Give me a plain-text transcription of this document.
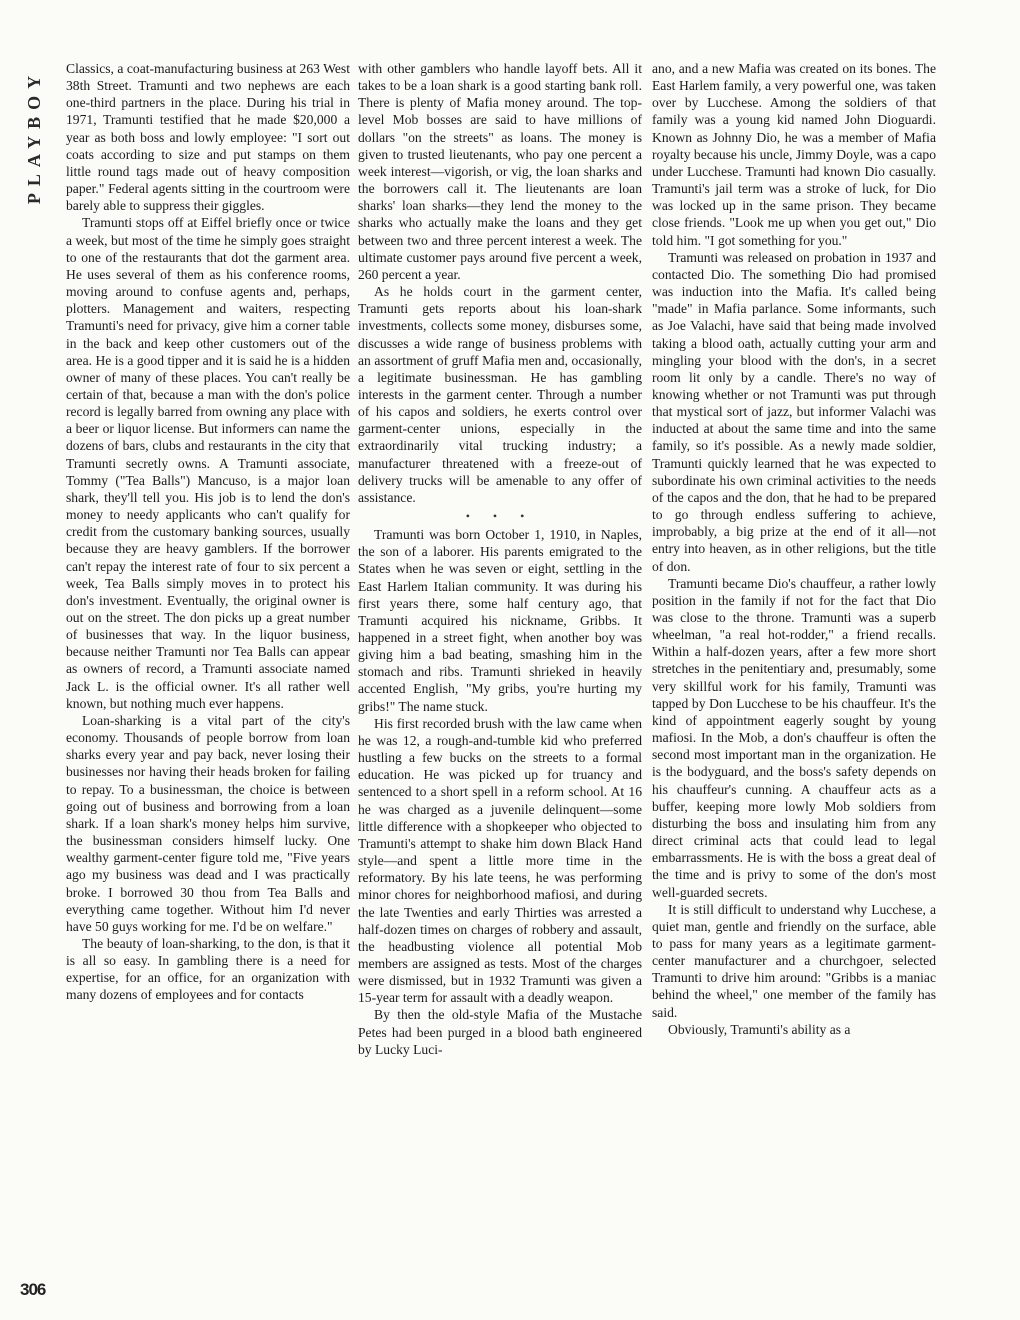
PLAYBOY Classics, a coat-manufacturing business at 263 West 38th Street. Tramunti and two nephews are each one-third partners in the place. During his trial in 1971, Tramunti testified that he made $20,000 a year as both boss and lowly employee: "I sort out coats according to size and put stamps on them little round tags made out of heavy composition paper." Federal agents sitting in the courtroom were barely able to suppress their giggles.

Tramunti stops off at Eiffel briefly once or twice a week, but most of the time he simply goes straight to one of the restaurants that dot the garment area. He uses several of them as his conference rooms, moving around to confuse agents and, perhaps, plotters. Management and waiters, respecting Tramunti's need for privacy, give him a corner table in the back and keep other customers out of the area. He is a good tipper and it is said he is a hidden owner of many of these places. You can't really be certain of that, because a man with the don's police record is legally barred from owning any place with a beer or liquor license. But informers can name the dozens of bars, clubs and restaurants in the city that Tramunti secretly owns. A Tramunti associate, Tommy ("Tea Balls") Mancuso, is a major loan shark, they'll tell you. His job is to lend the don's money to needy applicants who can't qualify for credit from the customary banking sources, usually because they are heavy gamblers. If the borrower can't repay the interest rate of four to six percent a week, Tea Balls simply moves in to protect his don's investment. Eventually, the original owner is out on the street. The don picks up a great number of businesses that way. In the liquor business, because neither Tramunti nor Tea Balls can appear as owners of record, a Tramunti associate named Jack L. is the official owner. It's all rather well known, but nothing much ever happens.

Loan-sharking is a vital part of the city's economy. Thousands of people borrow from loan sharks every year and pay back, never losing their businesses nor having their heads broken for failing to repay. To a businessman, the choice is between going out of business and borrowing from a loan shark. If a loan shark's money helps him survive, the businessman considers himself lucky. One wealthy garment-center figure told me, "Five years ago my business was dead and I was practically broke. I borrowed 30 thou from Tea Balls and everything came together. Without him I'd never have 50 guys working for me. I'd be on welfare."

The beauty of loan-sharking, to the don, is that it is all so easy. In gambling there is a need for expertise, for an office, for an organization with many dozens of employees and for contacts

with other gamblers who handle layoff bets. All it takes to be a loan shark is a good starting bank roll. There is plenty of Mafia money around. The top-level Mob bosses are said to have millions of dollars "on the streets" as loans. The money is given to trusted lieutenants, who pay one percent a week interest—vigorish, or vig, the loan sharks and the borrowers call it. The lieutenants are loan sharks' loan sharks—they lend the money to the sharks who actually make the loans and they get between two and three percent interest a week. The ultimate customer pays around five percent a week, 260 percent a year.

As he holds court in the garment center, Tramunti gets reports about his loan-shark investments, collects some money, disburses some, discusses a wide range of business problems with an assortment of gruff Mafia men and, occasionally, a legitimate businessman. He has gambling interests in the garment center. Through a number of his capos and soldiers, he exerts control over garment-center unions, especially in the extraordinarily vital trucking industry; a manufacturer threatened with a freeze-out of delivery trucks will be amenable to any offer of assistance.

• • •

Tramunti was born October 1, 1910, in Naples, the son of a laborer. His parents emigrated to the States when he was seven or eight, settling in the East Harlem Italian community. It was during his first years there, some half century ago, that Tramunti acquired his nickname, Gribbs. It happened in a street fight, when another boy was giving him a bad beating, smashing him in the stomach and ribs. Tramunti shrieked in heavily accented English, "My gribs, you're hurting my gribs!" The name stuck.

His first recorded brush with the law came when he was 12, a rough-and-tumble kid who preferred hustling a few bucks on the streets to a formal education. He was picked up for truancy and sentenced to a short spell in a reform school. At 16 he was charged as a juvenile delinquent—some little difference with a shopkeeper who objected to Tramunti's attempt to shake him down Black Hand style—and spent a little more time in the reformatory. By his late teens, he was performing minor chores for neighborhood mafiosi, and during the late Twenties and early Thirties was arrested a half-dozen times on charges of robbery and assault, the headbusting violence all potential Mob members are assigned as tests. Most of the charges were dismissed, but in 1932 Tramunti was given a 15-year term for assault with a deadly weapon.

By then the old-style Mafia of the Mustache Petes had been purged in a blood bath engineered by Lucky Luci-

ano, and a new Mafia was created on its bones. The East Harlem family, a very powerful one, was taken over by Lucchese. Among the soldiers of that family was a young kid named John Dioguardi. Known as Johnny Dio, he was a member of Mafia royalty because his uncle, Jimmy Doyle, was a capo under Lucchese. Tramunti had known Dio casually. Tramunti's jail term was a stroke of luck, for Dio was locked up in the same prison. They became close friends. "Look me up when you get out," Dio told him. "I got something for you."

Tramunti was released on probation in 1937 and contacted Dio. The something Dio had promised was induction into the Mafia. It's called being "made" in Mafia parlance. Some informants, such as Joe Valachi, have said that being made involved taking a blood oath, actually cutting your arm and mingling your blood with the don's, in a secret room lit only by a candle. There's no way of knowing whether or not Tramunti was put through that mystical sort of jazz, but informer Valachi was inducted at about the same time and into the same family, so it's possible. As a newly made soldier, Tramunti quickly learned that he was expected to subordinate his own criminal activities to the needs of the capos and the don, that he had to be prepared to go through endless suffering to achieve, improbably, a big prize at the end of it all—not entry into heaven, as in other religions, but the title of don.

Tramunti became Dio's chauffeur, a rather lowly position in the family if not for the fact that Dio was close to the throne. Tramunti was a superb wheelman, "a real hot-rodder," a friend recalls. Within a half-dozen years, after a few more short stretches in the penitentiary and, presumably, some very skillful work for his family, Tramunti was tapped by Don Lucchese to be his chauffeur. It's the kind of appointment eagerly sought by young mafiosi. In the Mob, a don's chauffeur is often the second most important man in the organization. He is the bodyguard, and the boss's safety depends on his chauffeur's cunning. A chauffeur acts as a buffer, keeping more lowly Mob soldiers from disturbing the boss and insulating him from any direct criminal acts that could lead to legal embarrassments. He is with the boss a great deal of the time and is privy to some of the don's most well-guarded secrets.

It is still difficult to understand why Lucchese, a quiet man, gentle and friendly on the surface, able to pass for many years as a legitimate garment-center manufacturer and a churchgoer, selected Tramunti to drive him around: "Gribbs is a maniac behind the wheel," one member of the family has said.

Obviously, Tramunti's ability as a

306
